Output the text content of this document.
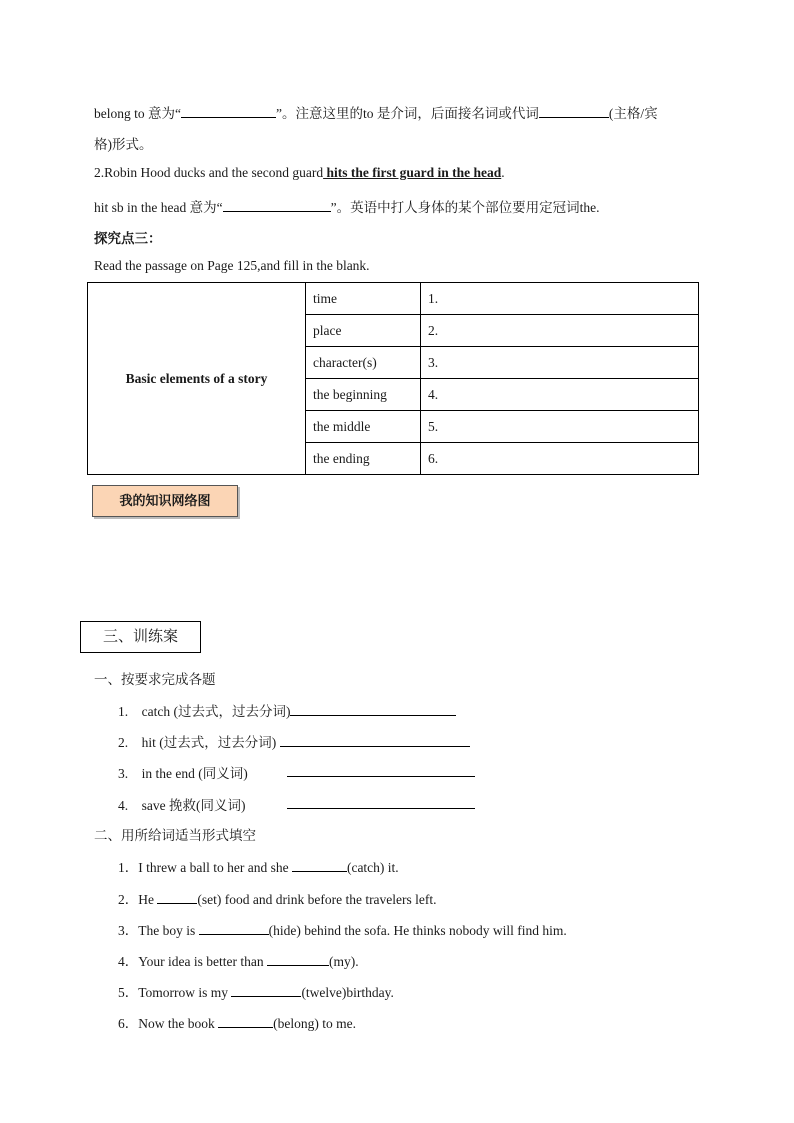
belong to 意为“	”。注意这里的to 是介词，后面接名词或代词	(主格/宾
格)形式。
2.Robin Hood ducks and the second guard hits the first guard in the head.
hit sb in the head 意为“	”。英语中打人身体的某个部位要用定冠词the.
探究点三：
Read the passage on Page 125,and fill in the blank.
Basic elements of a story	time	1.
	place	2.
	character(s)	3.
	the beginning	4.
	the middle	5.
	the ending	6.
我的知识网络图
三、训练案
一、按要求完成各题
1. catch (过去式，过去分词)
2. hit (过去式，过去分词)
3. in the end (同义词)
4. save 挽救(同义词)
二、用所给词适当形式填空
1．I threw a ball to her and she	(catch) it.
2．He	(set) food and drink before the travelers left.
3．The boy is	(hide) behind the sofa. He thinks nobody will find him.
4．Your idea is better than	(my).
5．Tomorrow is my	(twelve)birthday.
6．Now the book	(belong) to me.
